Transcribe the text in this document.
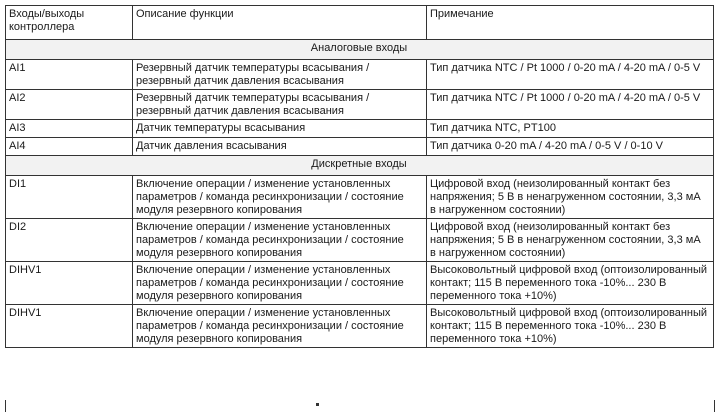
Входы/выходы контроллера	Описание функции	Примечание
Аналоговые входы		
AI1	Резервный датчик температуры всасывания / резервный датчик давления всасывания	Тип датчика NTC / Pt 1000 / 0-20 mA / 4-20 mA / 0-5 V
AI2	Резервный датчик температуры всасывания / резервный датчик давления всасывания	Тип датчика NTC / Pt 1000 / 0-20 mA / 4-20 mA / 0-5 V
AI3	Датчик температуры всасывания	Тип датчика NTC, PT100
AI4	Датчик давления всасывания	Тип датчика 0-20 mA / 4-20 mA / 0-5 V / 0-10 V
Дискретные входы		
DI1	Включение операции / изменение установленных параметров / команда ресинхронизации / состояние модуля резервного копирования	Цифровой вход (неизолированный контакт без напряжения; 5 В в ненагруженном состоянии, 3,3 мА в нагруженном состоянии)
DI2	Включение операции / изменение установленных параметров / команда ресинхронизации / состояние модуля резервного копирования	Цифровой вход (неизолированный контакт без напряжения; 5 В в ненагруженном состоянии, 3,3 мА в нагруженном состоянии)
DIHV1	Включение операции / изменение установленных параметров / команда ресинхронизации / состояние модуля резервного копирования	Высоковольтный цифровой вход (оптоизолированный контакт; 115 В переменного тока -10%... 230 В переменного тока +10%)
DIHV1	Включение операции / изменение установленных параметров / команда ресинхронизации / состояние модуля резервного копирования	Высоковольтный цифровой вход (оптоизолированный контакт; 115 В переменного тока -10%... 230 В переменного тока +10%)
